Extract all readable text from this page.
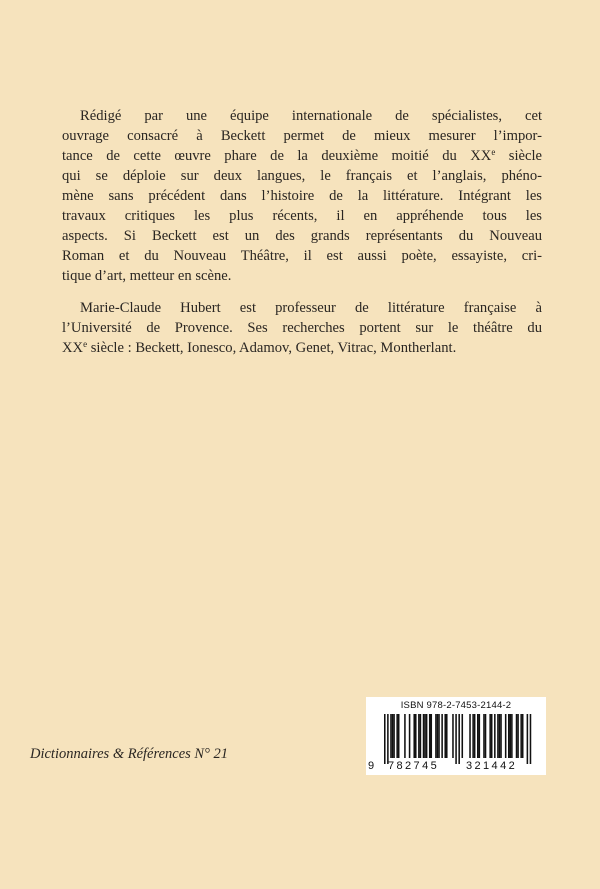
Rédigé par une équipe internationale de spécialistes, cet
ouvrage consacré à Beckett permet de mieux mesurer l’impor-
tance de cette œuvre phare de la deuxième moitié du XXe siècle
qui se déploie sur deux langues, le français et l’anglais, phéno-
mène sans précédent dans l’histoire de la littérature. Intégrant les
travaux critiques les plus récents, il en appréhende tous les
aspects. Si Beckett est un des grands représentants du Nouveau
Roman et du Nouveau Théâtre, il est aussi poète, essayiste, cri-
tique d’art, metteur en scène.
Marie-Claude Hubert est professeur de littérature française à
l’Université de Provence. Ses recherches portent sur le théâtre du
XXe siècle : Beckett, Ionesco, Adamov, Genet, Vitrac, Montherlant.
Dictionnaires & Références N° 21
ISBN 978-2-7453-2144-2
9 782745 321442
